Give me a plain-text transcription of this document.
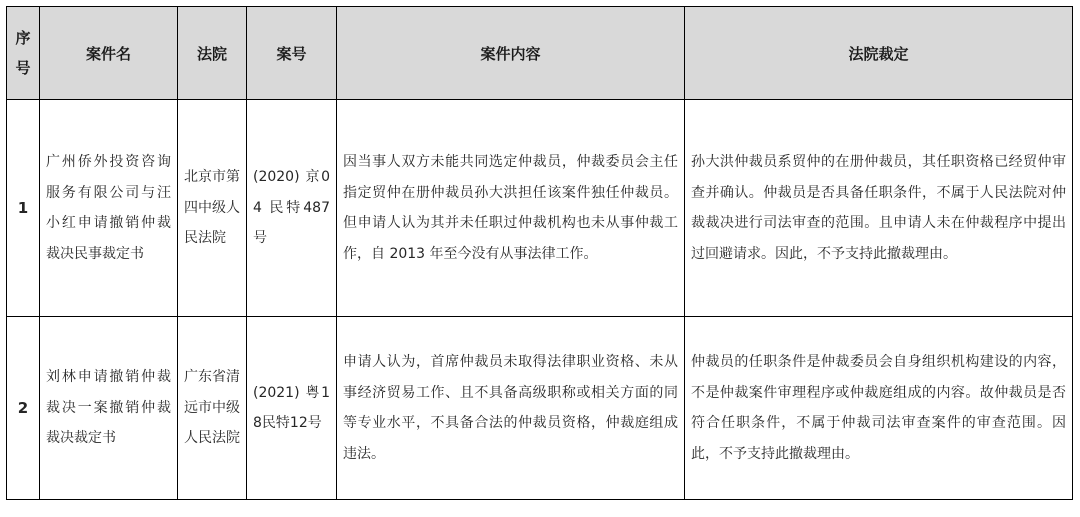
序号	案件名	法院	案号	案件内容	法院裁定
1	广州侨外投资咨询服务有限公司与汪小红申请撤销仲裁裁决民事裁定书	北京市第四中级人民法院	(2020) 京04 民特487号	因当事人双方未能共同选定仲裁员，仲裁委员会主任指定贸仲在册仲裁员孙大洪担任该案件独任仲裁员。但申请人认为其并未任职过仲裁机构也未从事仲裁工作，自 2013 年至今没有从事法律工作。	孙大洪仲裁员系贸仲的在册仲裁员，其任职资格已经贸仲审查并确认。仲裁员是否具备任职条件，不属于人民法院对仲裁裁决进行司法审查的范围。且申请人未在仲裁程序中提出过回避请求。因此，不予支持此撤裁理由。
2	刘林申请撤销仲裁裁决一案撤销仲裁裁决裁定书	广东省清远市中级人民法院	(2021) 粤18民特12号	申请人认为，首席仲裁员未取得法律职业资格、未从事经济贸易工作、且不具备高级职称或相关方面的同等专业水平，不具备合法的仲裁员资格，仲裁庭组成违法。	仲裁员的任职条件是仲裁委员会自身组织机构建设的内容，不是仲裁案件审理程序或仲裁庭组成的内容。故仲裁员是否符合任职条件，不属于仲裁司法审查案件的审查范围。因此，不予支持此撤裁理由。
